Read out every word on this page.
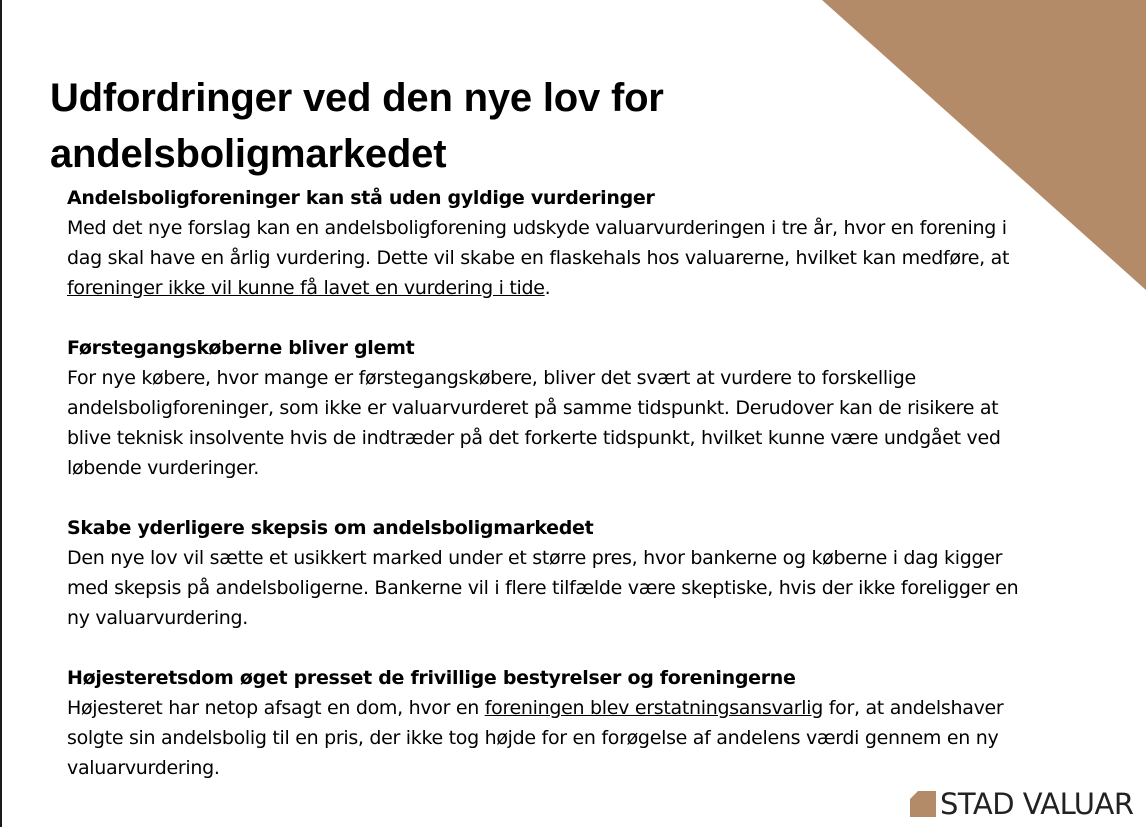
Udfordringer ved den nye lov for andelsboligmarkedet

Andelsboligforeninger kan stå uden gyldige vurderinger

Med det nye forslag kan en andelsboligforening udskyde valuarvurderingen i tre år, hvor en forening i dag skal have en årlig vurdering. Dette vil skabe en flaskehals hos valuarerne, hvilket kan medføre, at foreninger ikke vil kunne få lavet en vurdering i tide.

Førstegangskøberne bliver glemt

For nye købere, hvor mange er førstegangskøbere, bliver det svært at vurdere to forskellige andelsboligforeninger, som ikke er valuarvurderet på samme tidspunkt. Derudover kan de risikere at blive teknisk insolvente hvis de indtræder på det forkerte tidspunkt, hvilket kunne være undgået ved løbende vurderinger.

Skabe yderligere skepsis om andelsboligmarkedet

Den nye lov vil sætte et usikkert marked under et større pres, hvor bankerne og køberne i dag kigger med skepsis på andelsboligerne. Bankerne vil i flere tilfælde være skeptiske, hvis der ikke foreligger en ny valuarvurdering.

Højesteretsdom øget presset de frivillige bestyrelser og foreningerne

Højesteret har netop afsagt en dom, hvor en foreningen blev erstatningsansvarlig for, at andelshaver solgte sin andelsbolig til en pris, der ikke tog højde for en forøgelse af andelens værdi gennem en ny valuarvurdering.

STAD VALUAR
